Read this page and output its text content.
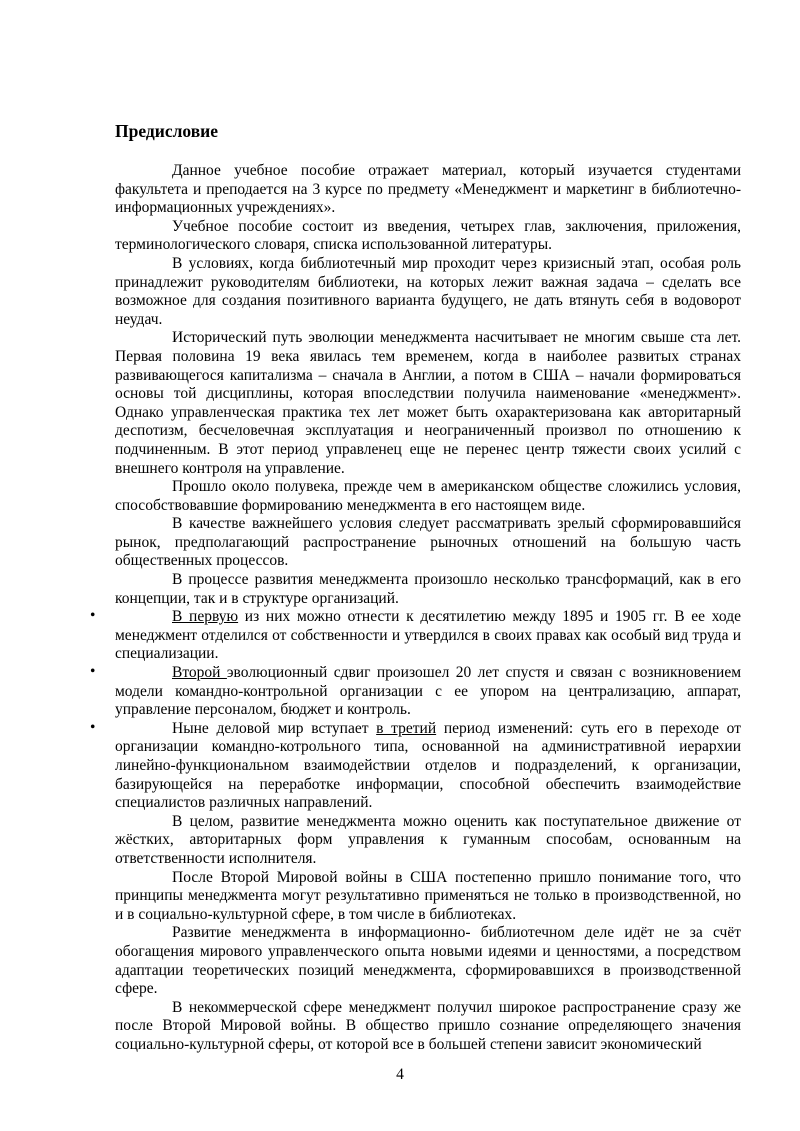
Предисловие

Данное учебное пособие отражает материал, который изучается студентами факультета и преподается на 3 курсе по предмету «Менеджмент и маркетинг в библиотечно-информационных учреждениях».

Учебное пособие состоит из введения, четырех глав, заключения, приложения, терминологического словаря, списка использованной литературы.

В условиях, когда библиотечный мир проходит через кризисный этап, особая роль принадлежит руководителям библиотеки, на которых лежит важная задача – сделать все возможное для создания позитивного варианта будущего, не дать втянуть себя в водоворот неудач.

Исторический путь эволюции менеджмента насчитывает не многим свыше ста лет. Первая половина 19 века явилась тем временем, когда в наиболее развитых странах развивающегося капитализма – сначала в Англии, а потом в США – начали формироваться основы той дисциплины, которая впоследствии получила наименование «менеджмент». Однако управленческая практика тех лет может быть охарактеризована как авторитарный деспотизм, бесчеловечная эксплуатация и неограниченный произвол по отношению к подчиненным. В этот период управленец еще не перенес центр тяжести своих усилий с внешнего контроля на управление.

Прошло около полувека, прежде чем в американском обществе сложились условия, способствовавшие формированию менеджмента в его настоящем виде.

В качестве важнейшего условия следует рассматривать зрелый сформировавшийся рынок, предполагающий распространение рыночных отношений на большую часть общественных процессов.

В процессе развития менеджмента произошло несколько трансформаций, как в его концепции, так и в структуре организаций.

•	В первую из них можно отнести к десятилетию между 1895 и 1905 гг. В ее ходе менеджмент отделился от собственности и утвердился в своих правах как особый вид труда и специализации.

•	Второй эволюционный сдвиг произошел 20 лет спустя и связан с возникновением модели командно-контрольной организации с ее упором на централизацию, аппарат, управление персоналом, бюджет и контроль.

•	Ныне деловой мир вступает в третий период изменений: суть его в переходе от организации командно-котрольного типа, основанной на административной иерархии линейно-функциональном взаимодействии отделов и подразделений, к организации, базирующейся на переработке информации, способной обеспечить взаимодействие специалистов различных направлений.

В целом, развитие менеджмента можно оценить как поступательное движение от жёстких, авторитарных форм управления к гуманным способам, основанным на ответственности исполнителя.

После Второй Мировой войны в США постепенно пришло понимание того, что принципы менеджмента могут результативно применяться не только в производственной, но и в социально-культурной сфере, в том числе в библиотеках.

Развитие менеджмента в информационно- библиотечном деле идёт не за счёт обогащения мирового управленческого опыта новыми идеями и ценностями, а посредством адаптации теоретических позиций менеджмента, сформировавшихся в производственной сфере.

В некоммерческой сфере менеджмент получил широкое распространение сразу же после Второй Мировой войны. В общество пришло сознание определяющего значения социально-культурной сферы, от которой все в большей степени зависит экономический

4
